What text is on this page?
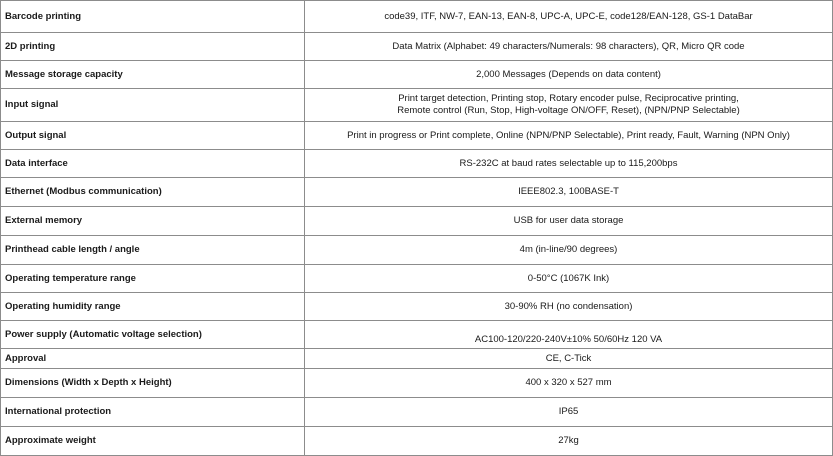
Barcode printing	code39, ITF, NW-7, EAN-13, EAN-8, UPC-A, UPC-E, code128/EAN-128, GS-1 DataBar

2D printing	Data Matrix (Alphabet: 49 characters/Numerals: 98 characters), QR, Micro QR code

Message storage capacity	2,000 Messages (Depends on data content)

Input signal	Print target detection, Printing stop, Rotary encoder pulse, Reciprocative printing,
Remote control (Run, Stop, High-voltage ON/OFF, Reset), (NPN/PNP Selectable)

Output signal	Print in progress or Print complete, Online (NPN/PNP Selectable), Print ready, Fault, Warning (NPN Only)

Data interface	RS-232C at baud rates selectable up to 115,200bps

Ethernet (Modbus communication)	IEEE802.3, 100BASE-T

External memory	USB for user data storage

Printhead cable length / angle	4m (in-line/90 degrees)

Operating temperature range	0-50°C (1067K Ink)

Operating humidity range	30-90% RH (no condensation)

Power supply (Automatic voltage selection)	AC100-120/220-240V±10% 50/60Hz 120 VA

Approval	CE, C-Tick

Dimensions (Width x Depth x Height)	400 x 320 x 527 mm

International protection	IP65

Approximate weight	27kg
